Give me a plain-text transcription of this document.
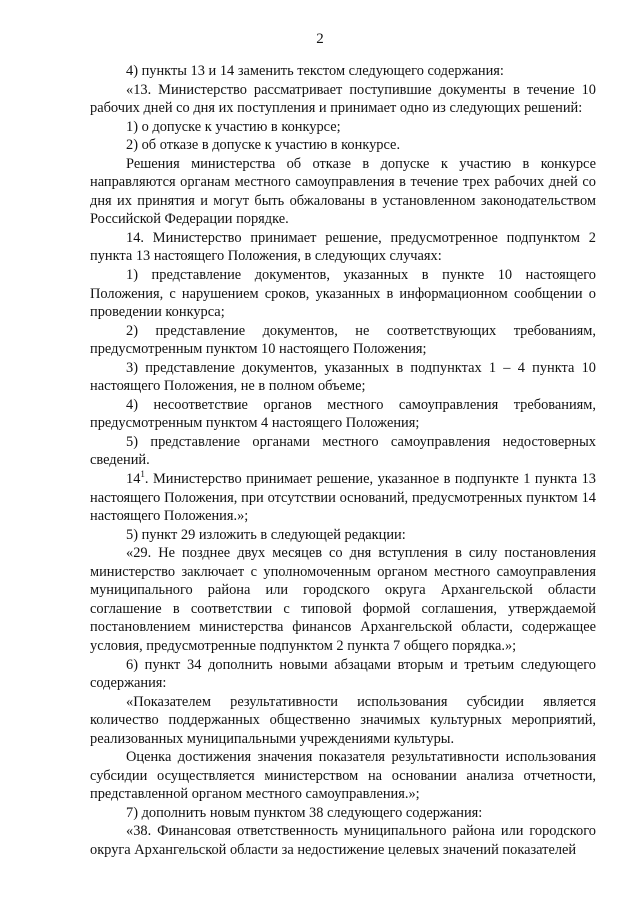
2

4) пункты 13 и 14 заменить текстом следующего содержания:

«13. Министерство рассматривает поступившие документы в течение 10 рабочих дней со дня их поступления и принимает одно из следующих решений:

1) о допуске к участию в конкурсе;

2) об отказе в допуске к участию в конкурсе.

Решения министерства об отказе в допуске к участию в конкурсе направляются органам местного самоуправления в течение трех рабочих дней со дня их принятия и могут быть обжалованы в установленном законодательством Российской Федерации порядке.

14. Министерство принимает решение, предусмотренное подпунктом 2 пункта 13 настоящего Положения, в следующих случаях:

1) представление документов, указанных в пункте 10 настоящего Положения, с нарушением сроков, указанных в информационном сообщении о проведении конкурса;

2) представление документов, не соответствующих требованиям, предусмотренным пунктом 10 настоящего Положения;

3) представление документов, указанных в подпунктах 1 – 4 пункта 10 настоящего Положения, не в полном объеме;

4) несоответствие органов местного самоуправления требованиям, предусмотренным пунктом 4 настоящего Положения;

5) представление органами местного самоуправления недостоверных сведений.

$14^1$. Министерство принимает решение, указанное в подпункте 1 пункта 13 настоящего Положения, при отсутствии оснований, предусмотренных пунктом 14 настоящего Положения.»;

5) пункт 29 изложить в следующей редакции:

«29. Не позднее двух месяцев со дня вступления в силу постановления министерство заключает с уполномоченным органом местного самоуправления муниципального района или городского округа Архангельской области соглашение в соответствии с типовой формой соглашения, утверждаемой постановлением министерства финансов Архангельской области, содержащее условия, предусмотренные подпунктом 2 пункта 7 общего порядка.»;

6) пункт 34 дополнить новыми абзацами вторым и третьим следующего содержания:

«Показателем результативности использования субсидии является количество поддержанных общественно значимых культурных мероприятий, реализованных муниципальными учреждениями культуры.

Оценка достижения значения показателя результативности использования субсидии осуществляется министерством на основании анализа отчетности, представленной органом местного самоуправления.»;

7) дополнить новым пунктом 38 следующего содержания:

«38. Финансовая ответственность муниципального района или городского округа Архангельской области за недостижение целевых значений показателей
